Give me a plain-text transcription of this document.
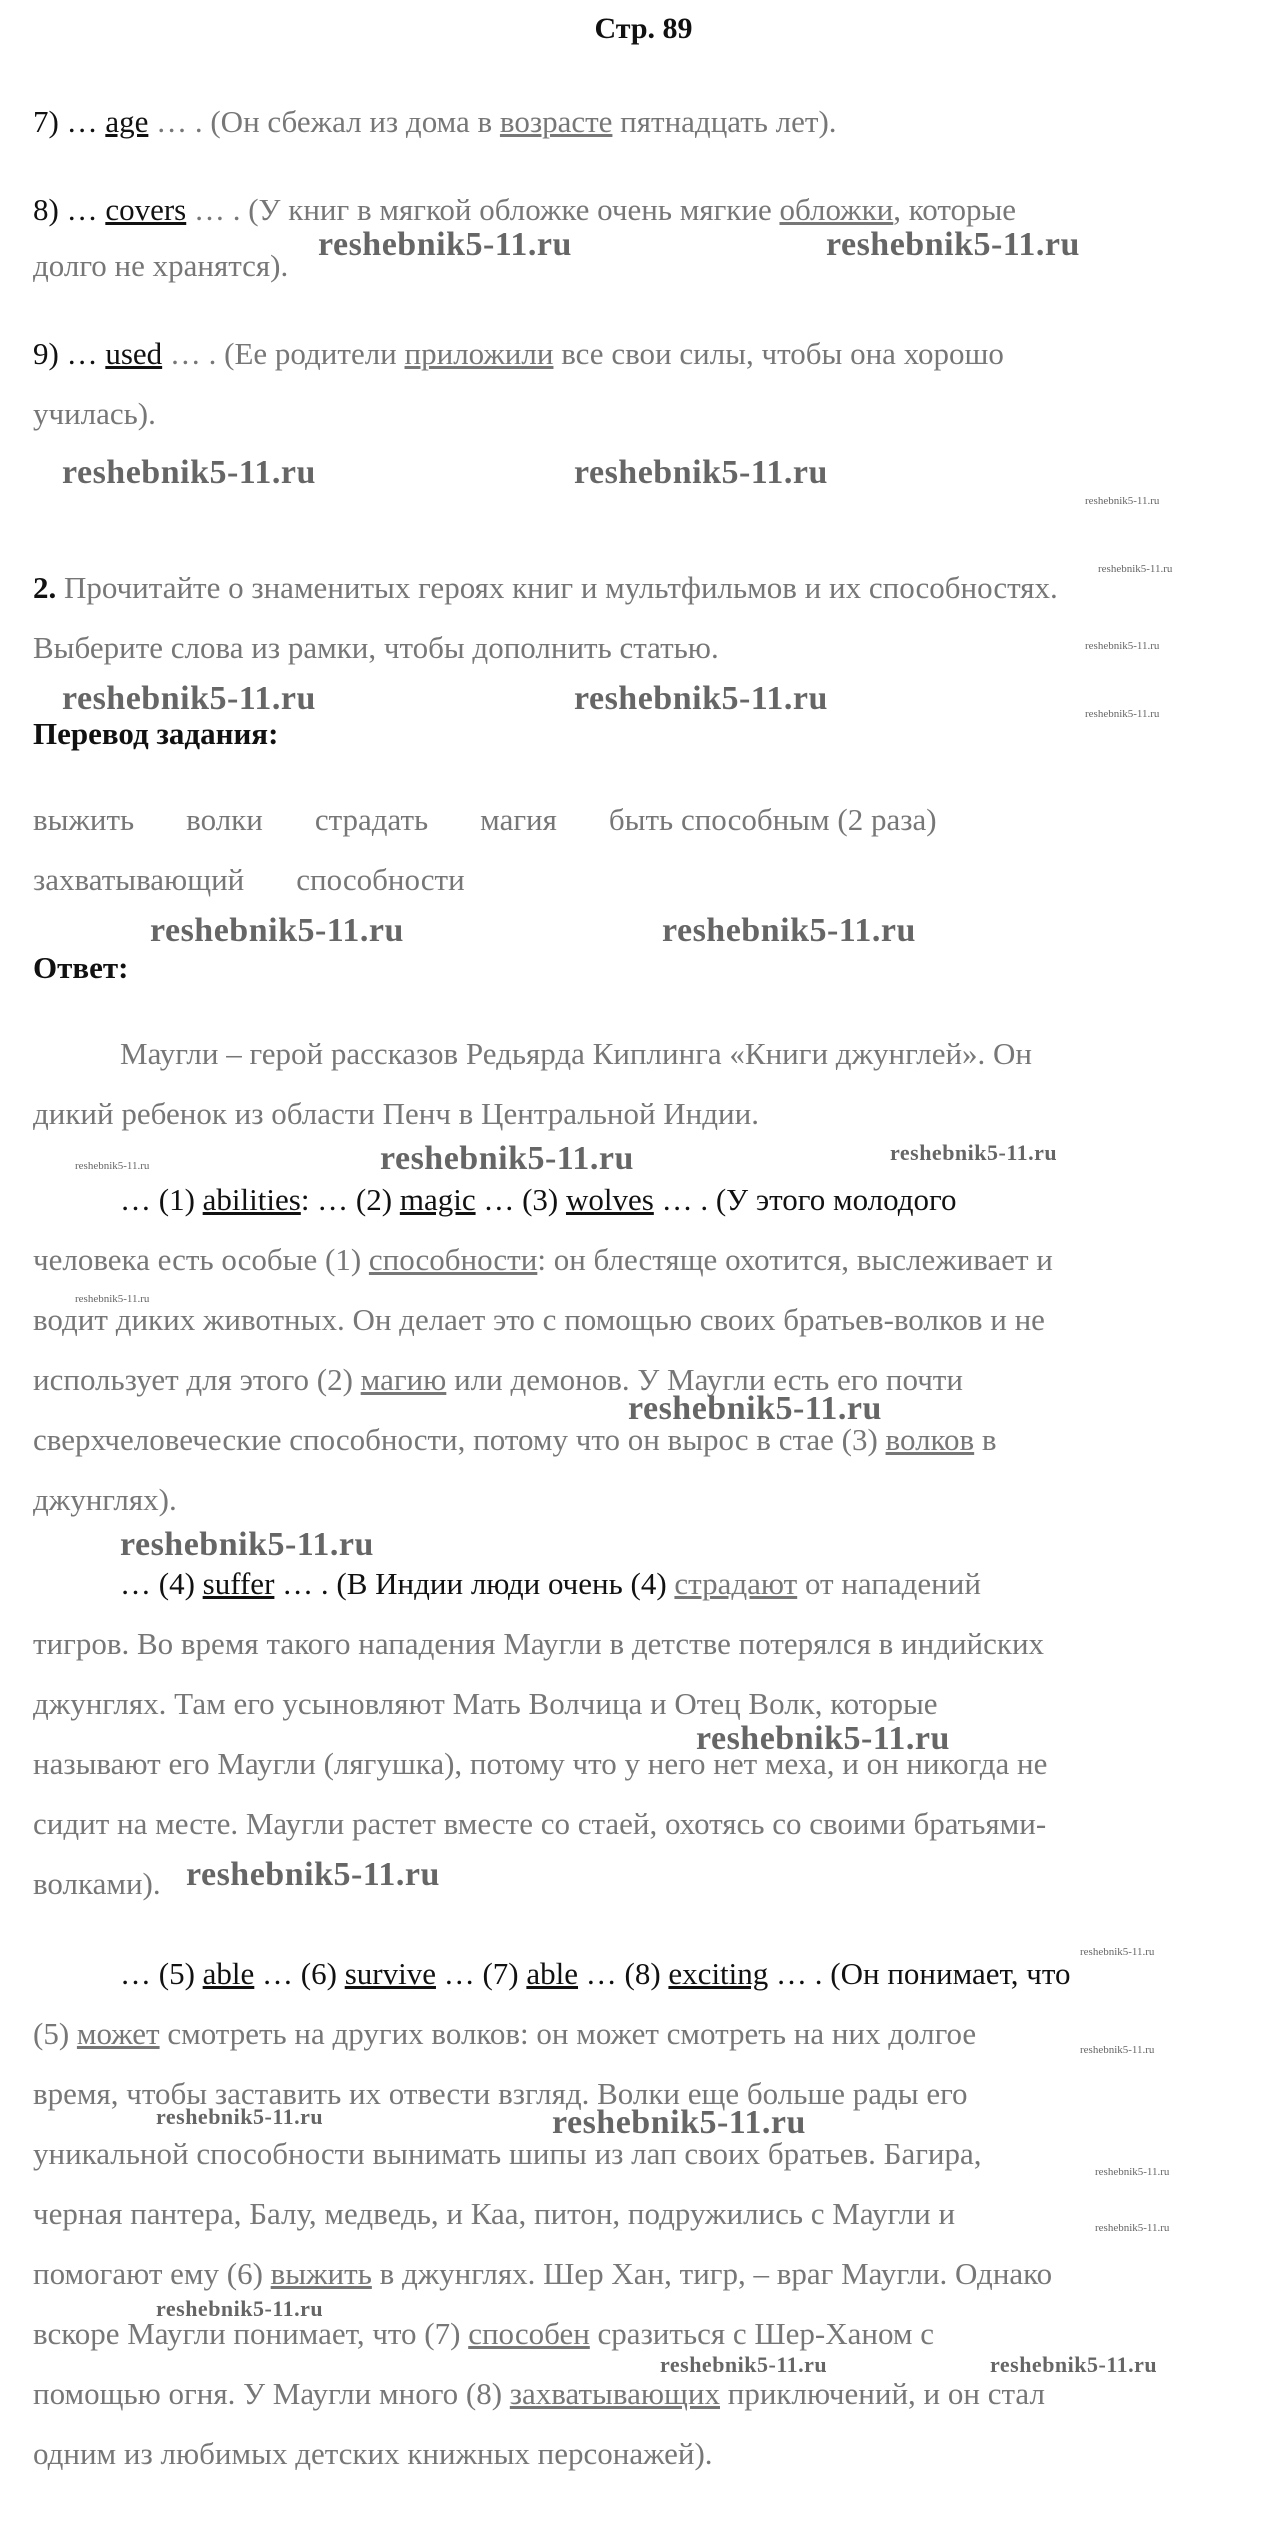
Стр. 89
7) … age … . (Он сбежал из дома в возрасте пятнадцать лет).
8) … covers … . (У книг в мягкой обложке очень мягкие обложки, которые
долго не хранятся).
9) … used … . (Ее родители приложили все свои силы, чтобы она хорошо
училась).
2. Прочитайте о знаменитых героях книг и мультфильмов и их способностях.
Выберите слова из рамки, чтобы дополнить статью.
Перевод задания:
выжить волки страдать магия быть способным (2 раза)
захватывающий способности
Ответ:
Маугли – герой рассказов Редьярда Киплинга «Книги джунглей». Он
дикий ребенок из области Пенч в Центральной Индии.
… (1) abilities: … (2) magic … (3) wolves … . (У этого молодого
человека есть особые (1) способности: он блестяще охотится, выслеживает и
водит диких животных. Он делает это с помощью своих братьев-волков и не
использует для этого (2) магию или демонов. У Маугли есть его почти
сверхчеловеческие способности, потому что он вырос в стае (3) волков в
джунглях).
… (4) suffer … . (В Индии люди очень (4) страдают от нападений
тигров. Во время такого нападения Маугли в детстве потерялся в индийских
джунглях. Там его усыновляют Мать Волчица и Отец Волк, которые
называют его Маугли (лягушка), потому что у него нет меха, и он никогда не
сидит на месте. Маугли растет вместе со стаей, охотясь со своими братьями-
волками).
… (5) able … (6) survive … (7) able … (8) exciting … . (Он понимает, что
(5) может смотреть на других волков: он может смотреть на них долгое
время, чтобы заставить их отвести взгляд. Волки еще больше рады его
уникальной способности вынимать шипы из лап своих братьев. Багира,
черная пантера, Балу, медведь, и Каа, питон, подружились с Маугли и
помогают ему (6) выжить в джунглях. Шер Хан, тигр, – враг Маугли. Однако
вскоре Маугли понимает, что (7) способен сразиться с Шер-Ханом с
помощью огня. У Маугли много (8) захватывающих приключений, и он стал
одним из любимых детских книжных персонажей).
reshebnik5-11.ru	reshebnik5-11.ru
reshebnik5-11.ru	reshebnik5-11.ru
reshebnik5-11.ru	reshebnik5-11.ru
reshebnik5-11.ru	reshebnik5-11.ru
reshebnik5-11.ru
reshebnik5-11.ru
reshebnik5-11.ru
reshebnik5-11.ru
reshebnik5-11.ru
reshebnik5-11.ru
reshebnik5-11.ru
reshebnik5-11.ru
reshebnik5-11.ru
reshebnik5-11.ru	reshebnik5-11.ru
reshebnik5-11.ru
reshebnik5-11.ru
reshebnik5-11.ru
reshebnik5-11.ru
reshebnik5-11.ru
reshebnik5-11.ru
reshebnik5-11.ru
reshebnik5-11.ru
reshebnik5-11.ru
reshebnik5-11.ru
